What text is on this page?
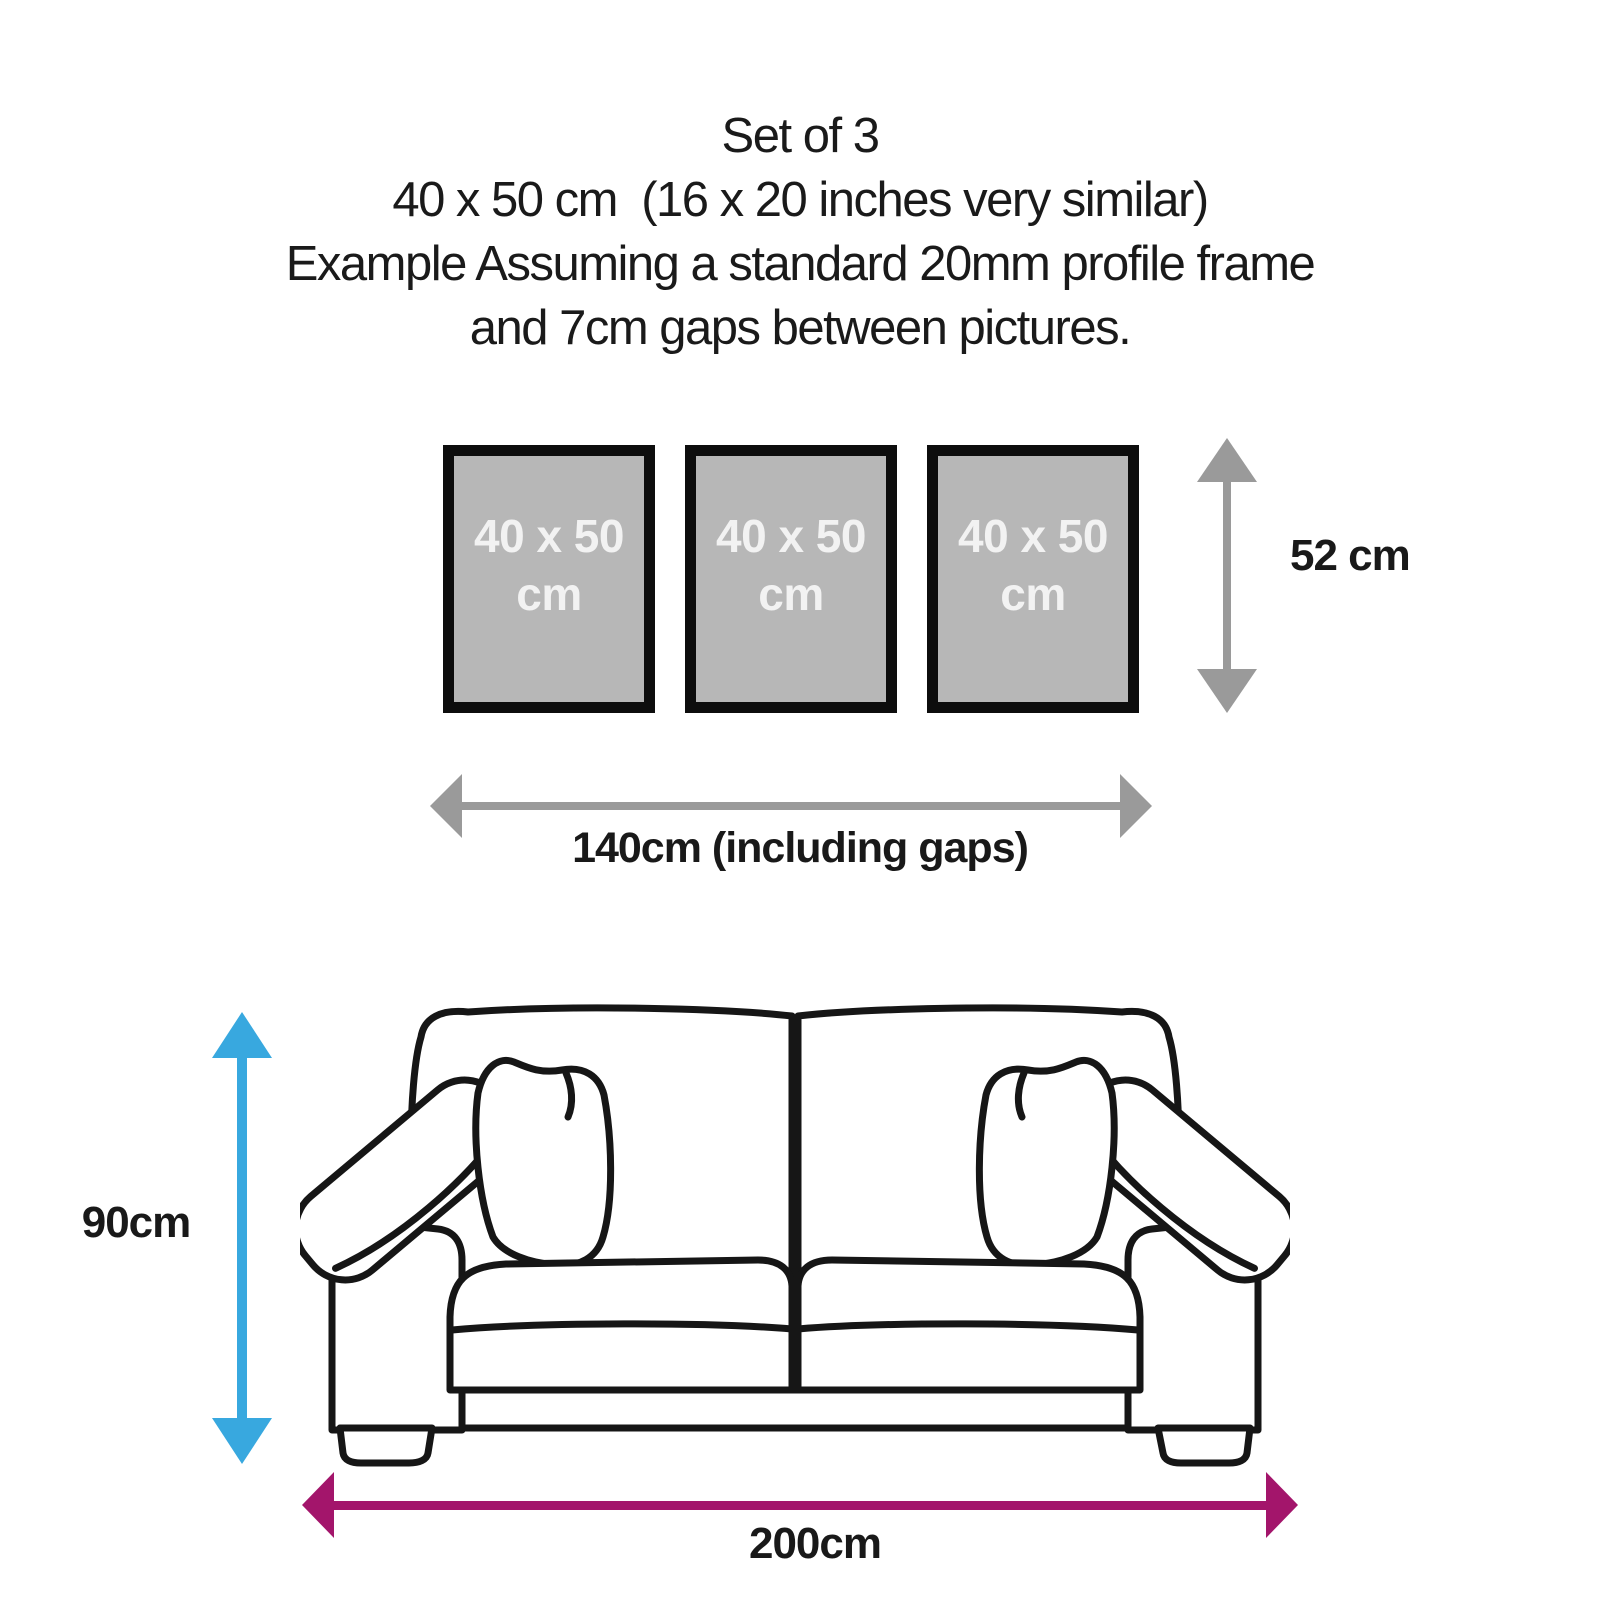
Set of 3
40 x 50 cm  (16 x 20 inches very similar)
Example Assuming a standard 20mm profile frame
and 7cm gaps between pictures.
40 x 50
cm
40 x 50
cm
40 x 50
cm
52 cm
140cm (including gaps)
90cm
200cm
